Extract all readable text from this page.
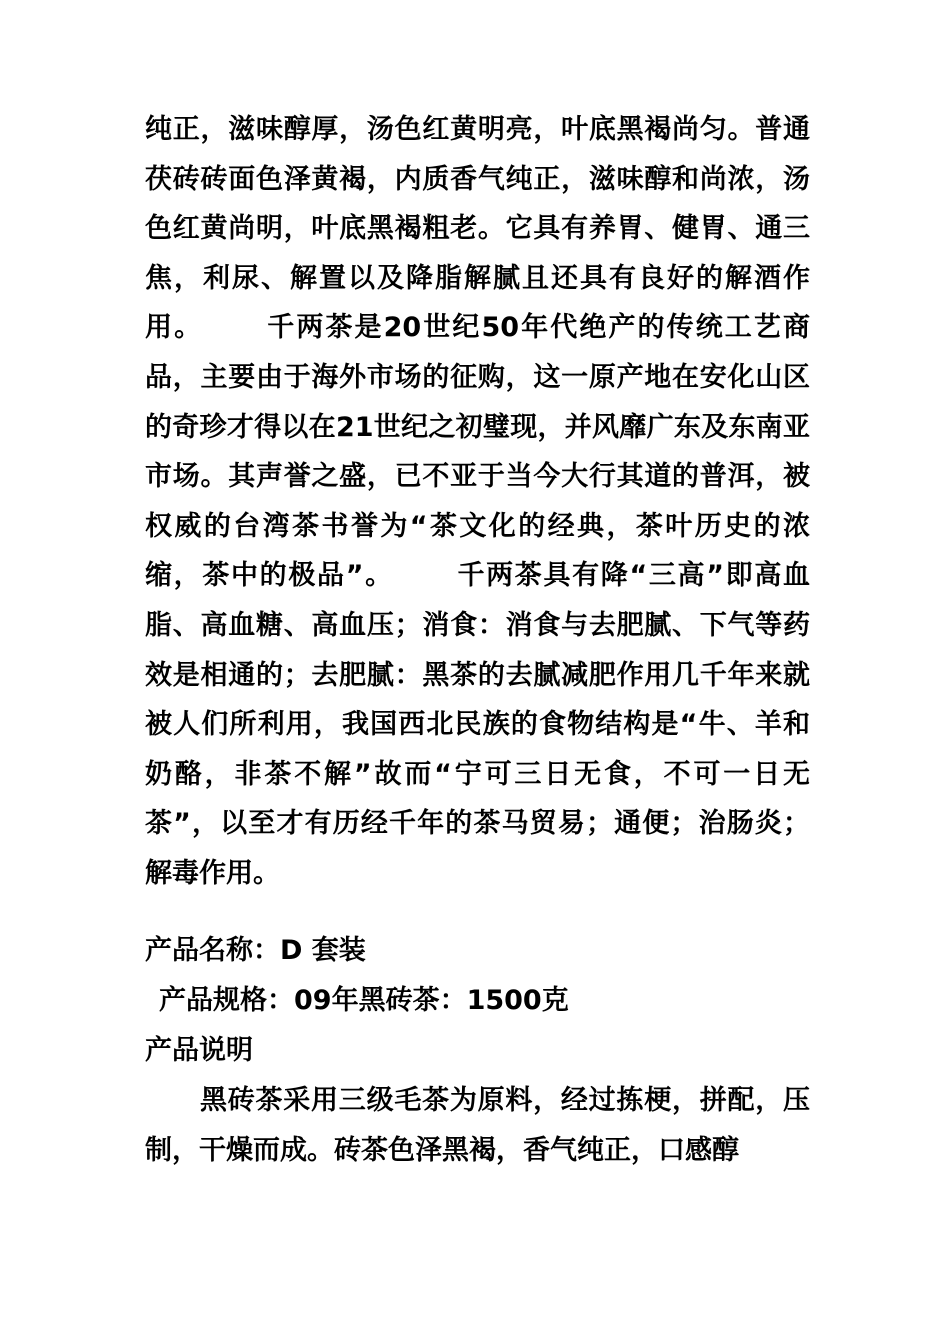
纯正，滋味醇厚，汤色红黄明亮，叶底黑褐尚匀。普通茯砖砖面色泽黄褐，内质香气纯正，滋味醇和尚浓，汤色红黄尚明，叶底黑褐粗老。它具有养胃、健胃、通三焦，利尿、解置以及降脂解腻且还具有良好的解酒作用。 千两茶是20世纪50年代绝产的传统工艺商品，主要由于海外市场的征购，这一原产地在安化山区的奇珍才得以在21世纪之初璧现，并风靡广东及东南亚市场。其声誉之盛，已不亚于当今大行其道的普洱，被权威的台湾茶书誉为“茶文化的经典，茶叶历史的浓缩，茶中的极品”。 千两茶具有降“三高”即高血脂、高血糖、高血压；消食：消食与去肥腻、下气等药效是相通的；去肥腻：黑茶的去腻减肥作用几千年来就被人们所利用，我国西北民族的食物结构是“牛、羊和奶酪，非茶不解”故而“宁可三日无食，不可一日无茶”，以至才有历经千年的茶马贸易；通便；治肠炎；解毒作用。

产品名称：D 套装
产品规格：09年黑砖茶：1500克
产品说明

黑砖茶采用三级毛茶为原料，经过拣梗，拼配，压制，干燥而成。砖茶色泽黑褐，香气纯正，口感醇
